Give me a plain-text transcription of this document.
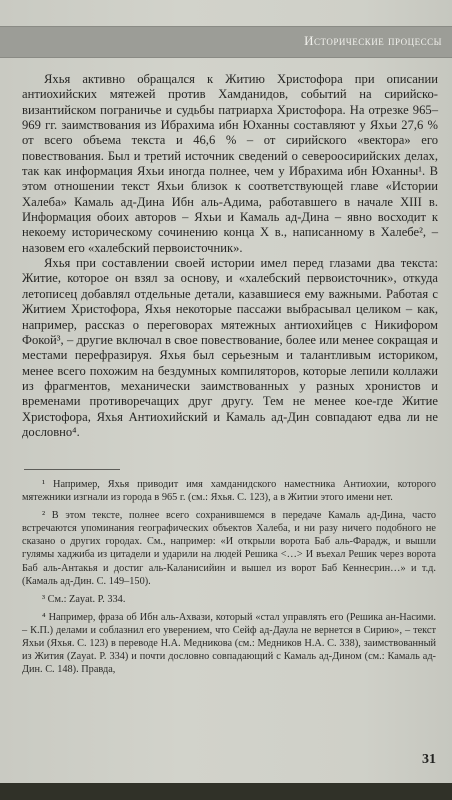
Исторические процессы

Яхья активно обращался к Житию Христофора при описании антиохийских мятежей против Хамданидов, событий на сирийско-византийском пограничье и судьбы патриарха Христофора. На отрезке 965–969 гг. заимствования из Ибрахима ибн Юханны составляют у Яхьи 27,6 % от всего объема текста и 46,6 % – от сирийского «вектора» его повествования. Был и третий источник сведений о североосирийских делах, так как информация Яхьи иногда полнее, чем у Ибрахима ибн Юханны¹. В этом отношении текст Яхьи близок к соответствующей главе «Истории Халеба» Камаль ад-Дина Ибн аль-Адима, работавшего в начале XIII в. Информация обоих авторов – Яхьи и Камаль ад-Дина – явно восходит к некоему историческому сочинению конца X в., написанному в Халебе², – назовем его «халебский первоисточник».

Яхья при составлении своей истории имел перед глазами два текста: Житие, которое он взял за основу, и «халебский первоисточник», откуда летописец добавлял отдельные детали, казавшиеся ему важными. Работая с Житием Христофора, Яхья некоторые пассажи выбрасывал целиком – как, например, рассказ о переговорах мятежных антиохийцев с Никифором Фокой³, – другие включал в свое повествование, более или менее сокращая и местами перефразируя. Яхья был серьезным и талантливым историком, менее всего похожим на бездумных компиляторов, которые лепили коллажи из фрагментов, механически заимствованных у разных хронистов и временами противоречащих друг другу. Тем не менее кое-где Житие Христофора, Яхья Антиохийский и Камаль ад-Дин совпадают едва ли не дословно⁴.

¹ Например, Яхья приводит имя хамданидского наместника Антиохии, которого мятежники изгнали из города в 965 г. (см.: Яхья. С. 123), а в Житии этого имени нет.

² В этом тексте, полнее всего сохранившемся в передаче Камаль ад-Дина, часто встречаются упоминания географических объектов Халеба, и ни разу ничего подобного не сказано о других городах. См., например: «И открыли ворота Баб аль-Фарадж, и вышли гулямы хаджиба из цитадели и ударили на людей Решика <…> И въехал Решик через ворота Баб аль-Антакья и достиг аль-Каланисийин и вышел из ворот Баб Кеннесрин…» и т.д. (Камаль ад-Дин. С. 149–150).

³ См.: Zayat. P. 334.

⁴ Например, фраза об Ибн аль-Ахвази, который «стал управлять его (Решика ан-Насими. – К.П.) делами и соблазнил его уверением, что Сейф ад-Даула не вернется в Сирию», – текст Яхьи (Яхья. С. 123) в переводе Н.А. Медникова (см.: Медников Н.А. С. 338), заимствованный из Жития (Zayat. P. 334) и почти дословно совпадающий с Камаль ад-Дином (см.: Камаль ад-Дин. С. 148). Правда,

31
